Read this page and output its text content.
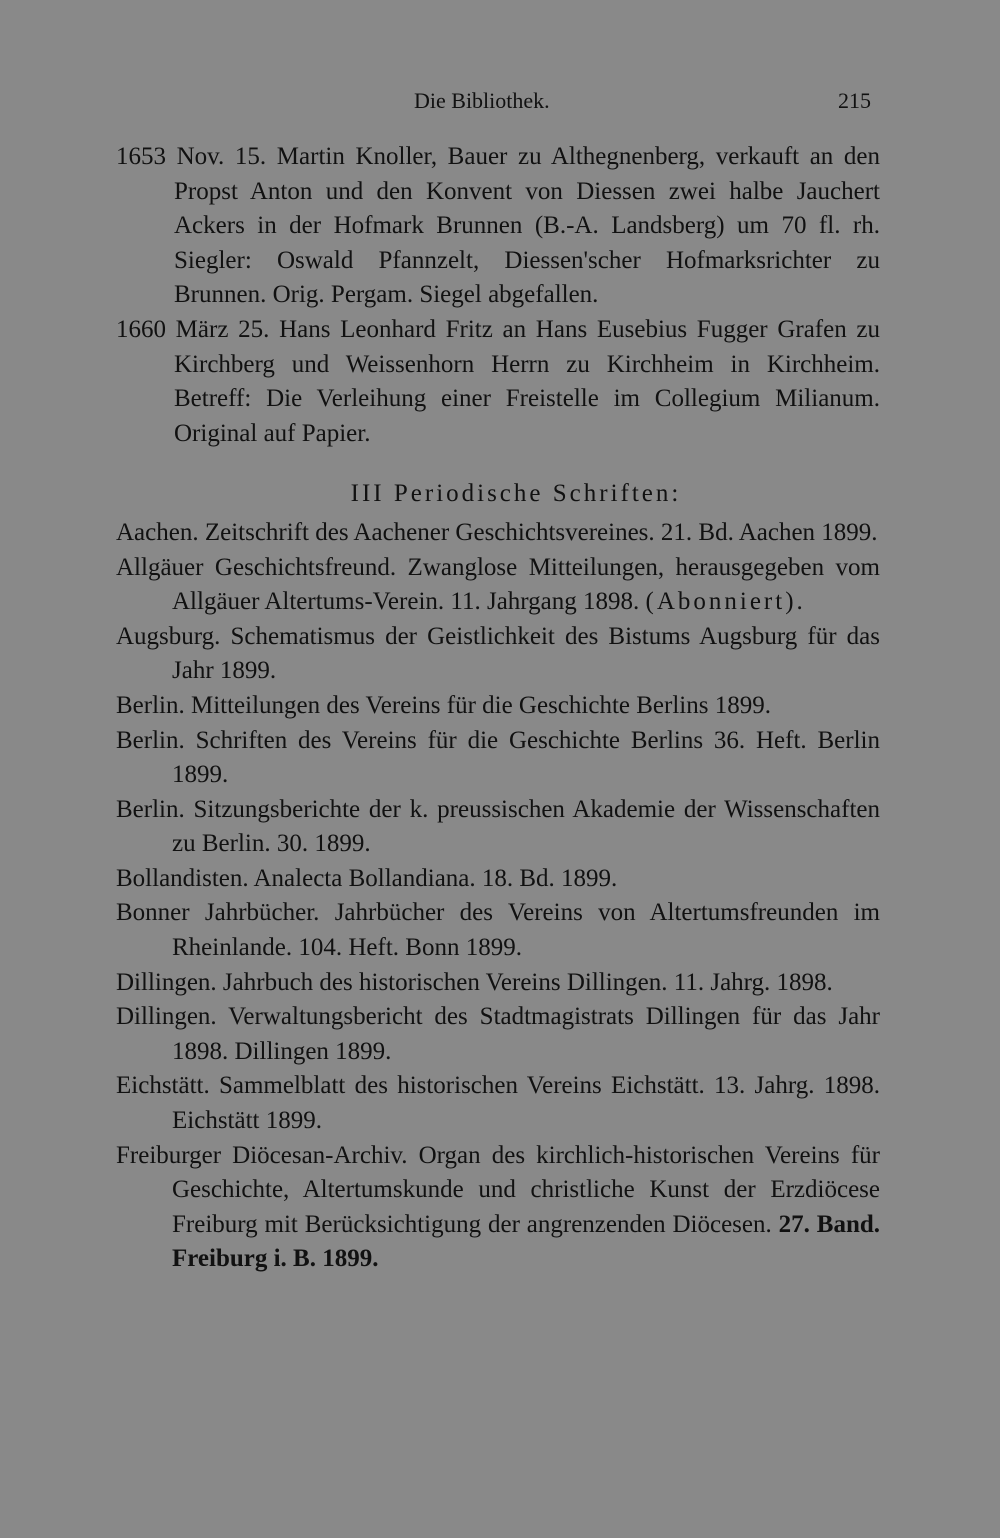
Die Bibliothek.	215

1653 Nov. 15. Martin Knoller, Bauer zu Althegnenberg, verkauft an den Propst Anton und den Konvent von Diessen zwei halbe Jauchert Ackers in der Hofmark Brunnen (B.-A. Landsberg) um 70 fl. rh. Siegler: Oswald Pfannzelt, Diessen'scher Hofmarksrichter zu Brunnen. Orig. Pergam. Siegel abgefallen.

1660 März 25. Hans Leonhard Fritz an Hans Eusebius Fugger Grafen zu Kirchberg und Weissenhorn Herrn zu Kirchheim in Kirchheim. Betreff: Die Verleihung einer Freistelle im Collegium Milianum. Original auf Papier.

III Periodische Schriften:

Aachen. Zeitschrift des Aachener Geschichtsvereines. 21. Bd. Aachen 1899.

Allgäuer Geschichtsfreund. Zwanglose Mitteilungen, herausgegeben vom Allgäuer Altertums-Verein. 11. Jahrgang 1898. (Abonniert).

Augsburg. Schematismus der Geistlichkeit des Bistums Augsburg für das Jahr 1899.

Berlin. Mitteilungen des Vereins für die Geschichte Berlins 1899.

Berlin. Schriften des Vereins für die Geschichte Berlins 36. Heft. Berlin 1899.

Berlin. Sitzungsberichte der k. preussischen Akademie der Wissenschaften zu Berlin. 30. 1899.

Bollandisten. Analecta Bollandiana. 18. Bd. 1899.

Bonner Jahrbücher. Jahrbücher des Vereins von Altertumsfreunden im Rheinlande. 104. Heft. Bonn 1899.

Dillingen. Jahrbuch des historischen Vereins Dillingen. 11. Jahrg. 1898.

Dillingen. Verwaltungsbericht des Stadtmagistrats Dillingen für das Jahr 1898. Dillingen 1899.

Eichstätt. Sammelblatt des historischen Vereins Eichstätt. 13. Jahrg. 1898. Eichstätt 1899.

Freiburger Diöcesan-Archiv. Organ des kirchlich-historischen Vereins für Geschichte, Altertumskunde und christliche Kunst der Erzdiöcese Freiburg mit Berücksichtigung der angrenzenden Diöcesen. 27. Band. Freiburg i. B. 1899.
